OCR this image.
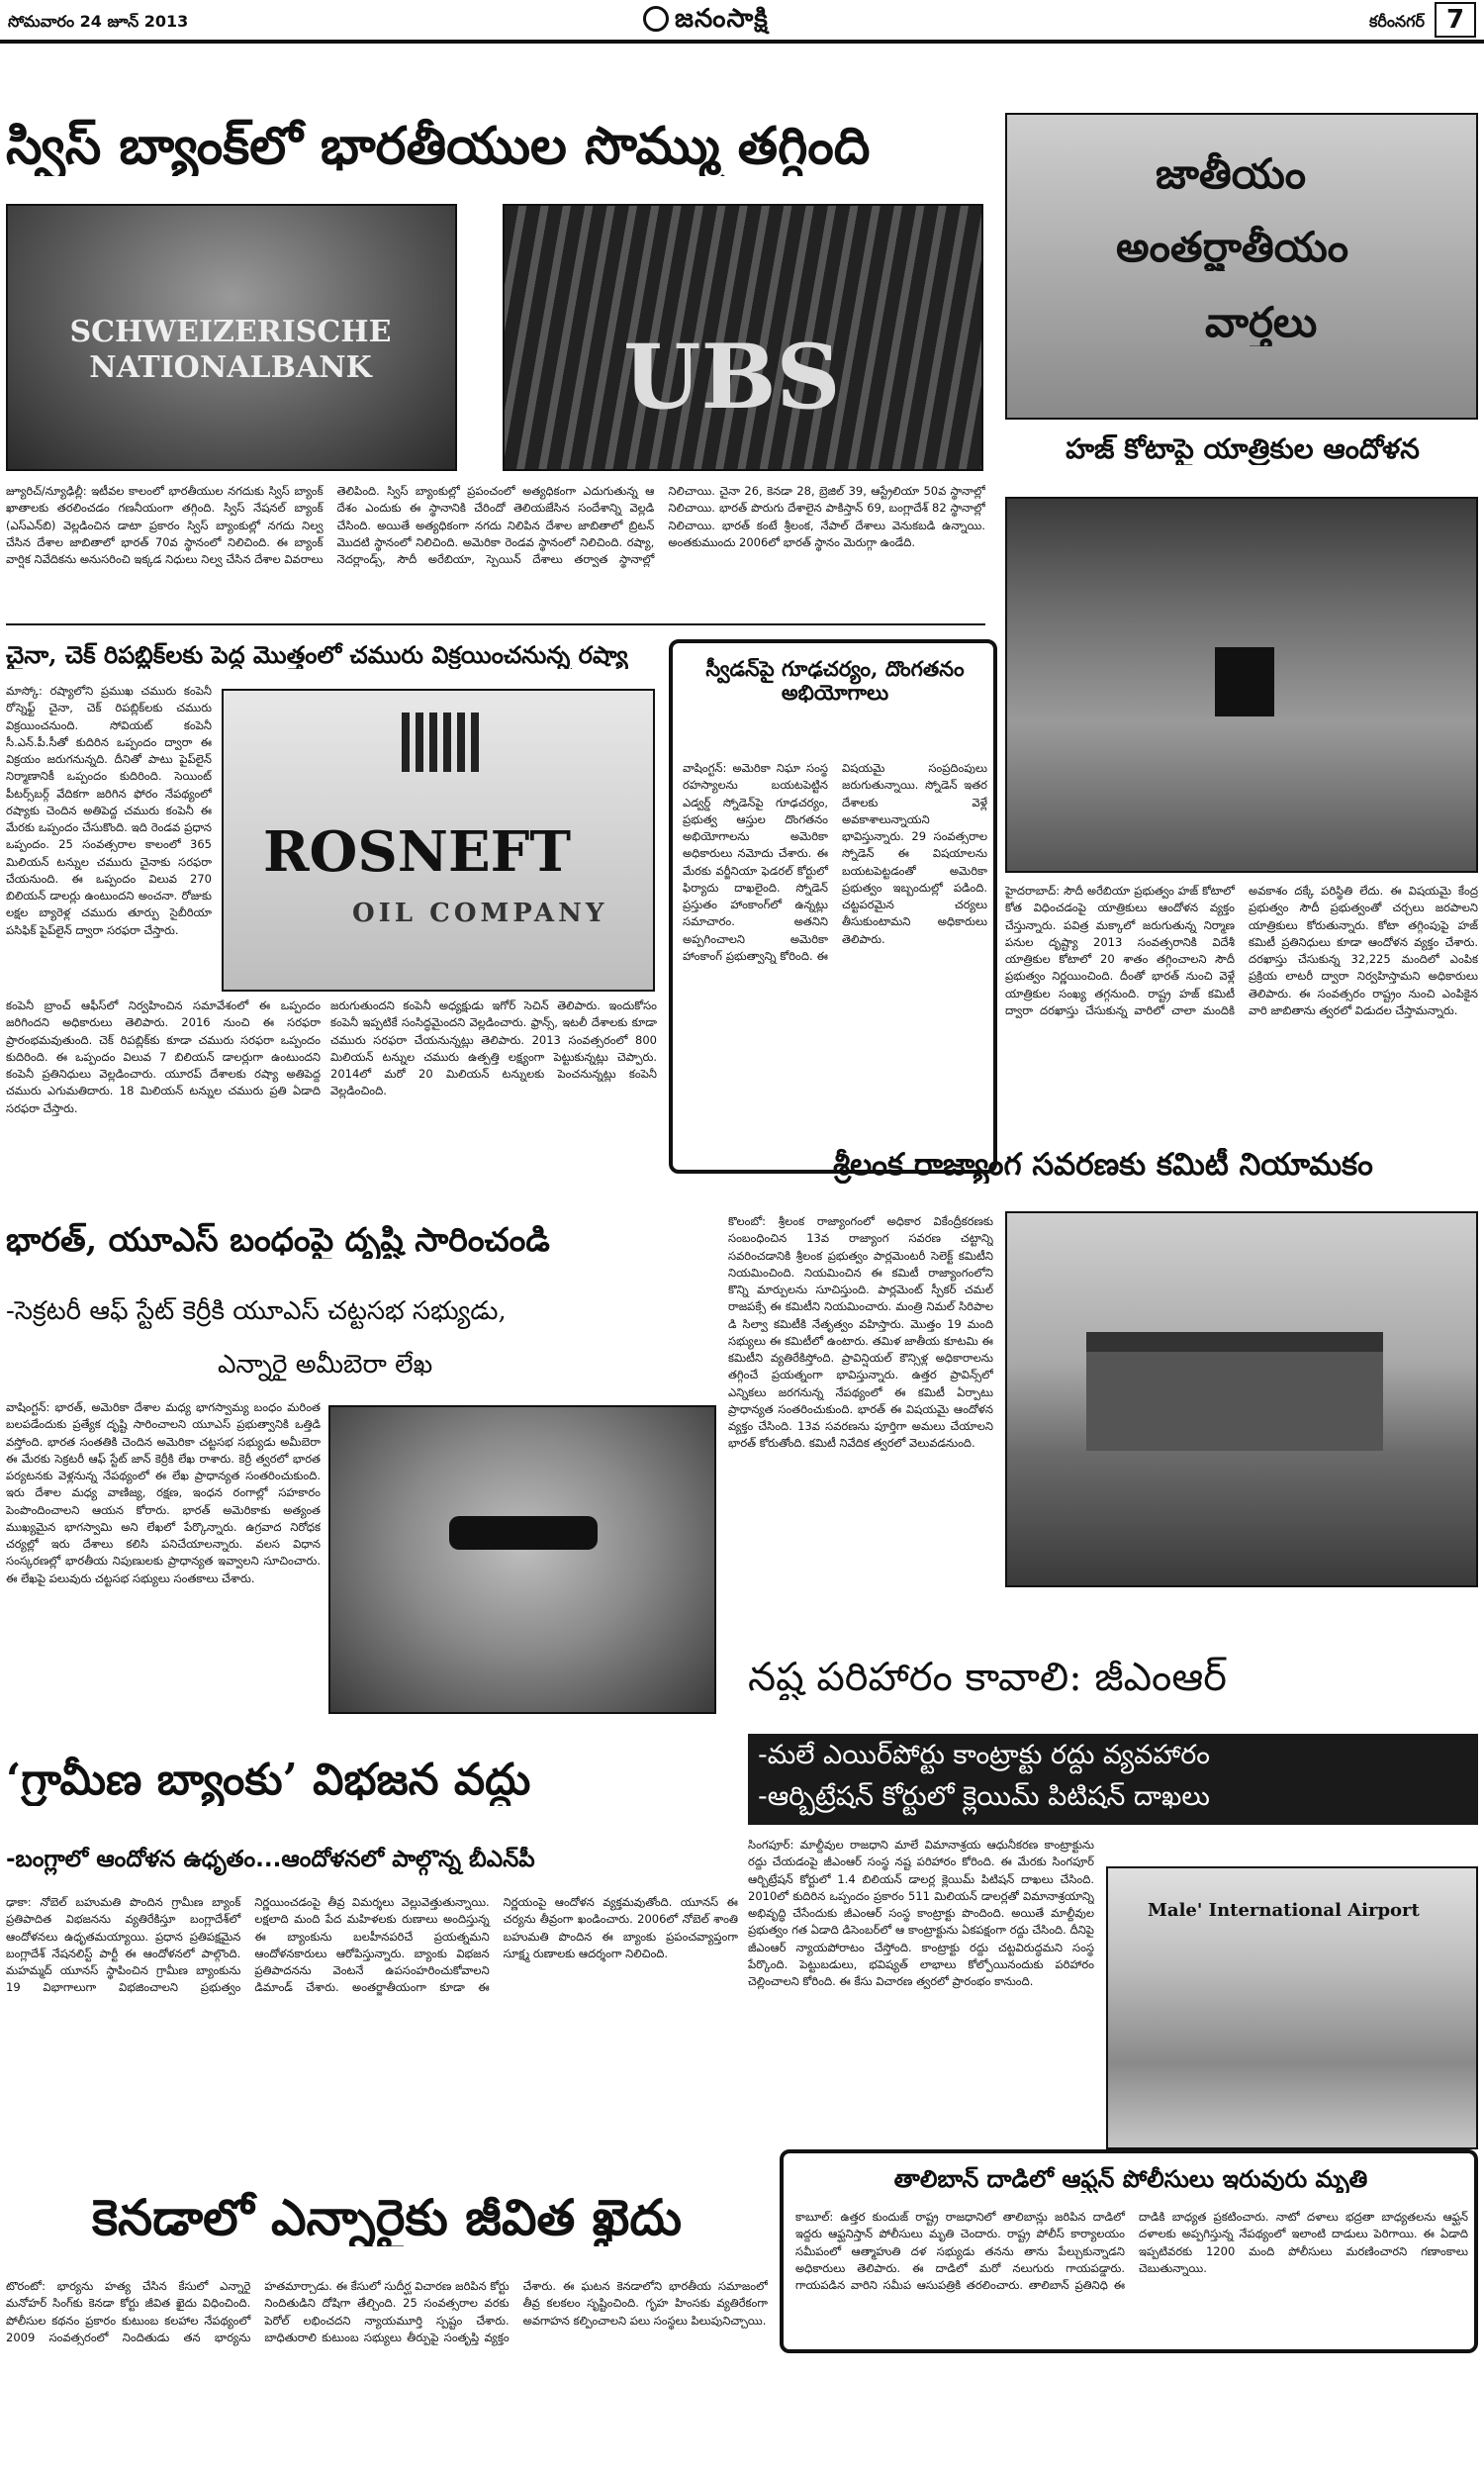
సోమవారం 24 జూన్ 2013	జనంసాక్షి	కరీంనగర్ 7
స్విస్ బ్యాంక్‌లో భారతీయుల సొమ్ము తగ్గింది
SCHWEIZERISCHE NATIONALBANK	UBS
జ్యూరిచ్/న్యూఢిల్లీ: ఇటీవల కాలంలో భారతీయుల నగదుకు స్విస్ బ్యాంక్ ఖాతాలకు తరలించడం గణనీయంగా తగ్గింది. స్విస్ నేషనల్ బ్యాంక్ (ఎస్ఎన్‌బి) వెల్లడించిన డాటా ప్రకారం స్విస్ బ్యాంకుల్లో నగదు నిల్వ చేసిన దేశాల జాబితాలో భారత్ 70వ స్థానంలో నిలిచింది. ఈ బ్యాంక్ వార్షిక నివేదికను అనుసరించి ఇక్కడ నిధులు నిల్వ చేసిన దేశాల వివరాలు తెలిపింది. స్విస్ బ్యాంకుల్లో ప్రపంచంలో అత్యధికంగా ఎదుగుతున్న ఆ దేశం ఎందుకు ఈ స్థానానికి చేరిందో తెలియజేసిన సందేశాన్ని వెల్లడి చేసింది. అయితే అత్యధికంగా నగదు నిలిపిన దేశాల జాబితాలో బ్రిటన్ మొదటి స్థానంలో నిలిచింది. అమెరికా రెండవ స్థానంలో నిలిచింది. రష్యా, నెదర్లాండ్స్, సౌదీ అరేబియా, స్పెయిన్ దేశాలు తర్వాత స్థానాల్లో నిలిచాయి. చైనా 26, కెనడా 28, బ్రెజిల్ 39, ఆస్ట్రేలియా 50వ స్థానాల్లో నిలిచాయి. భారత్ పొరుగు దేశాలైన పాకిస్తాన్ 69, బంగ్లాదేశ్ 82 స్థానాల్లో నిలిచాయి. భారత్ కంటే శ్రీలంక, నేపాల్ దేశాలు వెనుకబడి ఉన్నాయి. అంతకుముందు 2006లో భారత్ స్థానం మెరుగ్గా ఉండేది.
జాతీయం
అంతర్జాతీయం
వార్తలు
హజ్ కోటాపై యాత్రికుల ఆందోళన
హైదరాబాద్: సౌదీ అరేబియా ప్రభుత్వం హజ్ కోటాలో కోత విధించడంపై యాత్రికులు ఆందోళన వ్యక్తం చేస్తున్నారు. పవిత్ర మక్కాలో జరుగుతున్న నిర్మాణ పనుల దృష్ట్యా 2013 సంవత్సరానికి విదేశీ యాత్రికుల కోటాలో 20 శాతం తగ్గించాలని సౌదీ ప్రభుత్వం నిర్ణయించింది. దీంతో భారత్ నుంచి వెళ్లే యాత్రికుల సంఖ్య తగ్గనుంది. రాష్ట్ర హజ్ కమిటీ ద్వారా దరఖాస్తు చేసుకున్న వారిలో చాలా మందికి అవకాశం దక్కే పరిస్థితి లేదు. ఈ విషయమై కేంద్ర ప్రభుత్వం సౌదీ ప్రభుత్వంతో చర్చలు జరపాలని యాత్రికులు కోరుతున్నారు. కోటా తగ్గింపుపై హజ్ కమిటీ ప్రతినిధులు కూడా ఆందోళన వ్యక్తం చేశారు. దరఖాస్తు చేసుకున్న 32,225 మందిలో ఎంపిక ప్రక్రియ లాటరీ ద్వారా నిర్వహిస్తామని అధికారులు తెలిపారు. ఈ సంవత్సరం రాష్ట్రం నుంచి ఎంపికైన వారి జాబితాను త్వరలో విడుదల చేస్తామన్నారు.
చైనా, చెక్ రిపబ్లిక్‌లకు పెద్ద మొత్తంలో చమురు విక్రయించనున్న రష్యా
మాస్కో: రష్యాలోని ప్రముఖ చమురు కంపెనీ రోస్నెఫ్ట్ చైనా, చెక్ రిపబ్లిక్‌లకు చమురు విక్రయించనుంది. సోవియట్ కంపెనీ సీ.ఎన్.పీ.సీతో కుదిరిన ఒప్పందం ద్వారా ఈ విక్రయం జరుగనున్నది. దీనితో పాటు పైప్‌లైన్ నిర్మాణానికీ ఒప్పందం కుదిరింది. సెయింట్ పీటర్స్‌బర్గ్ వేదికగా జరిగిన ఫోరం నేపథ్యంలో రష్యాకు చెందిన అతిపెద్ద చమురు కంపెనీ ఈ మేరకు ఒప్పందం చేసుకొంది. ఇది రెండవ ప్రధాన ఒప్పందం. 25 సంవత్సరాల కాలంలో 365 మిలియన్ టన్నుల చమురు చైనాకు సరఫరా చేయనుంది. ఈ ఒప్పందం విలువ 270 బిలియన్ డాలర్లు ఉంటుందని అంచనా. రోజుకు లక్షల బ్యారెళ్ల చమురు తూర్పు సైబీరియా పసిఫిక్ పైప్‌లైన్ ద్వారా సరఫరా చేస్తారు.
ROSNEFT
OIL COMPANY
కంపెనీ బ్రాంచ్ ఆఫీస్‌లో నిర్వహించిన సమావేశంలో ఈ ఒప్పందం జరిగిందని అధికారులు తెలిపారు. 2016 నుంచి ఈ సరఫరా ప్రారంభమవుతుంది. చెక్ రిపబ్లిక్‌కు కూడా చమురు సరఫరా ఒప్పందం కుదిరింది. ఈ ఒప్పందం విలువ 7 బిలియన్ డాలర్లుగా ఉంటుందని కంపెనీ ప్రతినిధులు వెల్లడించారు. యూరప్ దేశాలకు రష్యా అతిపెద్ద చమురు ఎగుమతిదారు. 18 మిలియన్ టన్నుల చమురు ప్రతి ఏడాది సరఫరా చేస్తారు.
జరుగుతుందని కంపెనీ అధ్యక్షుడు ఇగోర్ సెచిన్ తెలిపారు. ఇందుకోసం కంపెనీ ఇప్పటికే సంసిద్ధమైందని వెల్లడించారు. ఫ్రాన్స్, ఇటలీ దేశాలకు కూడా చమురు సరఫరా చేయనున్నట్లు తెలిపారు. 2013 సంవత్సరంలో 800 మిలియన్ టన్నుల చమురు ఉత్పత్తి లక్ష్యంగా పెట్టుకున్నట్లు చెప్పారు. 2014లో మరో 20 మిలియన్ టన్నులకు పెంచనున్నట్లు కంపెనీ వెల్లడించింది.
స్వీడన్‌పై గూఢచర్యం, దొంగతనం అభియోగాలు
వాషింగ్టన్: అమెరికా నిఘా సంస్థ రహస్యాలను బయటపెట్టిన ఎడ్వర్డ్ స్నోడెన్‌పై గూఢచర్యం, ప్రభుత్వ ఆస్తుల దొంగతనం అభియోగాలను అమెరికా అధికారులు నమోదు చేశారు. ఈ మేరకు వర్జీనియా ఫెడరల్ కోర్టులో ఫిర్యాదు దాఖలైంది. స్నోడెన్ ప్రస్తుతం హాంకాంగ్‌లో ఉన్నట్లు సమాచారం. అతనిని అప్పగించాలని అమెరికా హాంకాంగ్ ప్రభుత్వాన్ని కోరింది. ఈ విషయమై సంప్రదింపులు జరుగుతున్నాయి. స్నోడెన్ ఇతర దేశాలకు వెళ్లే అవకాశాలున్నాయని భావిస్తున్నారు. 29 సంవత్సరాల స్నోడెన్ ఈ విషయాలను బయటపెట్టడంతో అమెరికా ప్రభుత్వం ఇబ్బందుల్లో పడింది. చట్టపరమైన చర్యలు తీసుకుంటామని అధికారులు తెలిపారు.
శ్రీలంక రాజ్యాంగ సవరణకు కమిటీ నియామకం
కొలంబో: శ్రీలంక రాజ్యాంగంలో అధికార వికేంద్రీకరణకు సంబంధించిన 13వ రాజ్యాంగ సవరణ చట్టాన్ని సవరించడానికి శ్రీలంక ప్రభుత్వం పార్లమెంటరీ సెలెక్ట్ కమిటీని నియమించింది. నియమించిన ఈ కమిటీ రాజ్యాంగంలోని కొన్ని మార్పులను సూచిస్తుంది. పార్లమెంట్ స్పీకర్ చమల్ రాజపక్సే ఈ కమిటీని నియమించారు. మంత్రి నిమల్ సిరిపాల డి సిల్వా కమిటీకి నేతృత్వం వహిస్తారు. మొత్తం 19 మంది సభ్యులు ఈ కమిటీలో ఉంటారు. తమిళ జాతీయ కూటమి ఈ కమిటీని వ్యతిరేకిస్తోంది. ప్రావిన్షియల్ కౌన్సిళ్ల అధికారాలను తగ్గించే ప్రయత్నంగా భావిస్తున్నారు. ఉత్తర ప్రావిన్స్‌లో ఎన్నికలు జరగనున్న నేపథ్యంలో ఈ కమిటీ ఏర్పాటు ప్రాధాన్యత సంతరించుకుంది. భారత్ ఈ విషయమై ఆందోళన వ్యక్తం చేసింది. 13వ సవరణను పూర్తిగా అమలు చేయాలని భారత్ కోరుతోంది. కమిటీ నివేదిక త్వరలో వెలువడనుంది.
భారత్, యూఎస్ బంధంపై దృష్టి సారించండి
-సెక్రటరీ ఆఫ్ స్టేట్ కెర్రీకి యూఎస్ చట్టసభ సభ్యుడు,
ఎన్నారై అమీబెరా లేఖ
వాషింగ్టన్: భారత్, అమెరికా దేశాల మధ్య భాగస్వామ్య బంధం మరింత బలపడేందుకు ప్రత్యేక దృష్టి సారించాలని యూఎస్ ప్రభుత్వానికి ఒత్తిడి వస్తోంది. భారత సంతతికి చెందిన అమెరికా చట్టసభ సభ్యుడు అమీబెరా ఈ మేరకు సెక్రటరీ ఆఫ్ స్టేట్ జాన్ కెర్రీకి లేఖ రాశారు. కెర్రీ త్వరలో భారత పర్యటనకు వెళ్లనున్న నేపథ్యంలో ఈ లేఖ ప్రాధాన్యత సంతరించుకుంది. ఇరు దేశాల మధ్య వాణిజ్య, రక్షణ, ఇంధన రంగాల్లో సహకారం పెంపొందించాలని ఆయన కోరారు. భారత్ అమెరికాకు అత్యంత ముఖ్యమైన భాగస్వామి అని లేఖలో పేర్కొన్నారు. ఉగ్రవాద నిరోధక చర్యల్లో ఇరు దేశాలు కలిసి పనిచేయాలన్నారు. వలస విధాన సంస్కరణల్లో భారతీయ నిపుణులకు ప్రాధాన్యత ఇవ్వాలని సూచించారు. ఈ లేఖపై పలువురు చట్టసభ సభ్యులు సంతకాలు చేశారు.
నష్ట పరిహారం కావాలి: జీఎంఆర్
-మలే ఎయిర్‌పోర్టు కాంట్రాక్టు రద్దు వ్యవహారం
-ఆర్బిట్రేషన్ కోర్టులో క్లెయిమ్ పిటిషన్ దాఖలు
సింగపూర్: మాల్దీవుల రాజధాని మాలే విమానాశ్రయ ఆధునీకరణ కాంట్రాక్టును రద్దు చేయడంపై జీఎంఆర్ సంస్థ నష్ట పరిహారం కోరింది. ఈ మేరకు సింగపూర్ ఆర్బిట్రేషన్ కోర్టులో 1.4 బిలియన్ డాలర్ల క్లెయిమ్ పిటిషన్ దాఖలు చేసింది. 2010లో కుదిరిన ఒప్పందం ప్రకారం 511 మిలియన్ డాలర్లతో విమానాశ్రయాన్ని అభివృద్ధి చేసేందుకు జీఎంఆర్ సంస్థ కాంట్రాక్టు పొందింది. అయితే మాల్దీవుల ప్రభుత్వం గత ఏడాది డిసెంబర్‌లో ఆ కాంట్రాక్టును ఏకపక్షంగా రద్దు చేసింది. దీనిపై జీఎంఆర్ న్యాయపోరాటం చేస్తోంది. కాంట్రాక్టు రద్దు చట్టవిరుద్ధమని సంస్థ పేర్కొంది. పెట్టుబడులు, భవిష్యత్ లాభాలు కోల్పోయినందుకు పరిహారం చెల్లించాలని కోరింది. ఈ కేసు విచారణ త్వరలో ప్రారంభం కానుంది.
Male' International Airport
‘గ్రామీణ బ్యాంకు’ విభజన వద్దు
-బంగ్లాలో ఆందోళన ఉధృతం...ఆందోళనలో పాల్గొన్న బీఎన్‌పీ
ఢాకా: నోబెల్ బహుమతి పొందిన గ్రామీణ బ్యాంక్ ప్రతిపాదిత విభజనను వ్యతిరేకిస్తూ బంగ్లాదేశ్‌లో ఆందోళనలు ఉధృతమయ్యాయి. ప్రధాన ప్రతిపక్షమైన బంగ్లాదేశ్ నేషనలిస్ట్ పార్టీ ఈ ఆందోళనలో పాల్గొంది. మహమ్మద్ యూనస్ స్థాపించిన గ్రామీణ బ్యాంకును 19 విభాగాలుగా విభజించాలని ప్రభుత్వం నిర్ణయించడంపై తీవ్ర విమర్శలు వెల్లువెత్తుతున్నాయి. లక్షలాది మంది పేద మహిళలకు రుణాలు అందిస్తున్న ఈ బ్యాంకును బలహీనపరిచే ప్రయత్నమని ఆందోళనకారులు ఆరోపిస్తున్నారు. బ్యాంకు విభజన ప్రతిపాదనను వెంటనే ఉపసంహరించుకోవాలని డిమాండ్ చేశారు. అంతర్జాతీయంగా కూడా ఈ నిర్ణయంపై ఆందోళన వ్యక్తమవుతోంది. యూనస్ ఈ చర్యను తీవ్రంగా ఖండించారు. 2006లో నోబెల్ శాంతి బహుమతి పొందిన ఈ బ్యాంకు ప్రపంచవ్యాప్తంగా సూక్ష్మ రుణాలకు ఆదర్శంగా నిలిచింది.
తాలిబాన్ దాడిలో ఆఫ్ఘన్ పోలీసులు ఇరువురు మృతి
కాబూల్: ఉత్తర కుందుజ్ రాష్ట్ర రాజధానిలో తాలిబాన్లు జరిపిన దాడిలో ఇద్దరు ఆఫ్ఘనిస్తాన్ పోలీసులు మృతి చెందారు. రాష్ట్ర పోలీస్ కార్యాలయం సమీపంలో ఆత్మాహుతి దళ సభ్యుడు తనను తాను పేల్చుకున్నాడని అధికారులు తెలిపారు. ఈ దాడిలో మరో నలుగురు గాయపడ్డారు. గాయపడిన వారిని సమీప ఆసుపత్రికి తరలించారు. తాలిబాన్ ప్రతినిధి ఈ దాడికి బాధ్యత ప్రకటించారు. నాటో దళాలు భద్రతా బాధ్యతలను ఆఫ్ఘన్ దళాలకు అప్పగిస్తున్న నేపథ్యంలో ఇలాంటి దాడులు పెరిగాయి. ఈ ఏడాది ఇప్పటివరకు 1200 మంది పోలీసులు మరణించారని గణాంకాలు చెబుతున్నాయి.
కెనడాలో ఎన్నారైకు జీవిత ఖైదు
టొరంటో: భార్యను హత్య చేసిన కేసులో ఎన్నారై మనోహర్ సింగ్‌కు కెనడా కోర్టు జీవిత ఖైదు విధించింది. పోలీసుల కథనం ప్రకారం కుటుంబ కలహాల నేపథ్యంలో 2009 సంవత్సరంలో నిందితుడు తన భార్యను హతమార్చాడు. ఈ కేసులో సుదీర్ఘ విచారణ జరిపిన కోర్టు నిందితుడిని దోషిగా తేల్చింది. 25 సంవత్సరాల వరకు పెరోల్ లభించదని న్యాయమూర్తి స్పష్టం చేశారు. బాధితురాలి కుటుంబ సభ్యులు తీర్పుపై సంతృప్తి వ్యక్తం చేశారు. ఈ ఘటన కెనడాలోని భారతీయ సమాజంలో తీవ్ర కలకలం సృష్టించింది. గృహ హింసకు వ్యతిరేకంగా అవగాహన కల్పించాలని పలు సంస్థలు పిలుపునిచ్చాయి.
